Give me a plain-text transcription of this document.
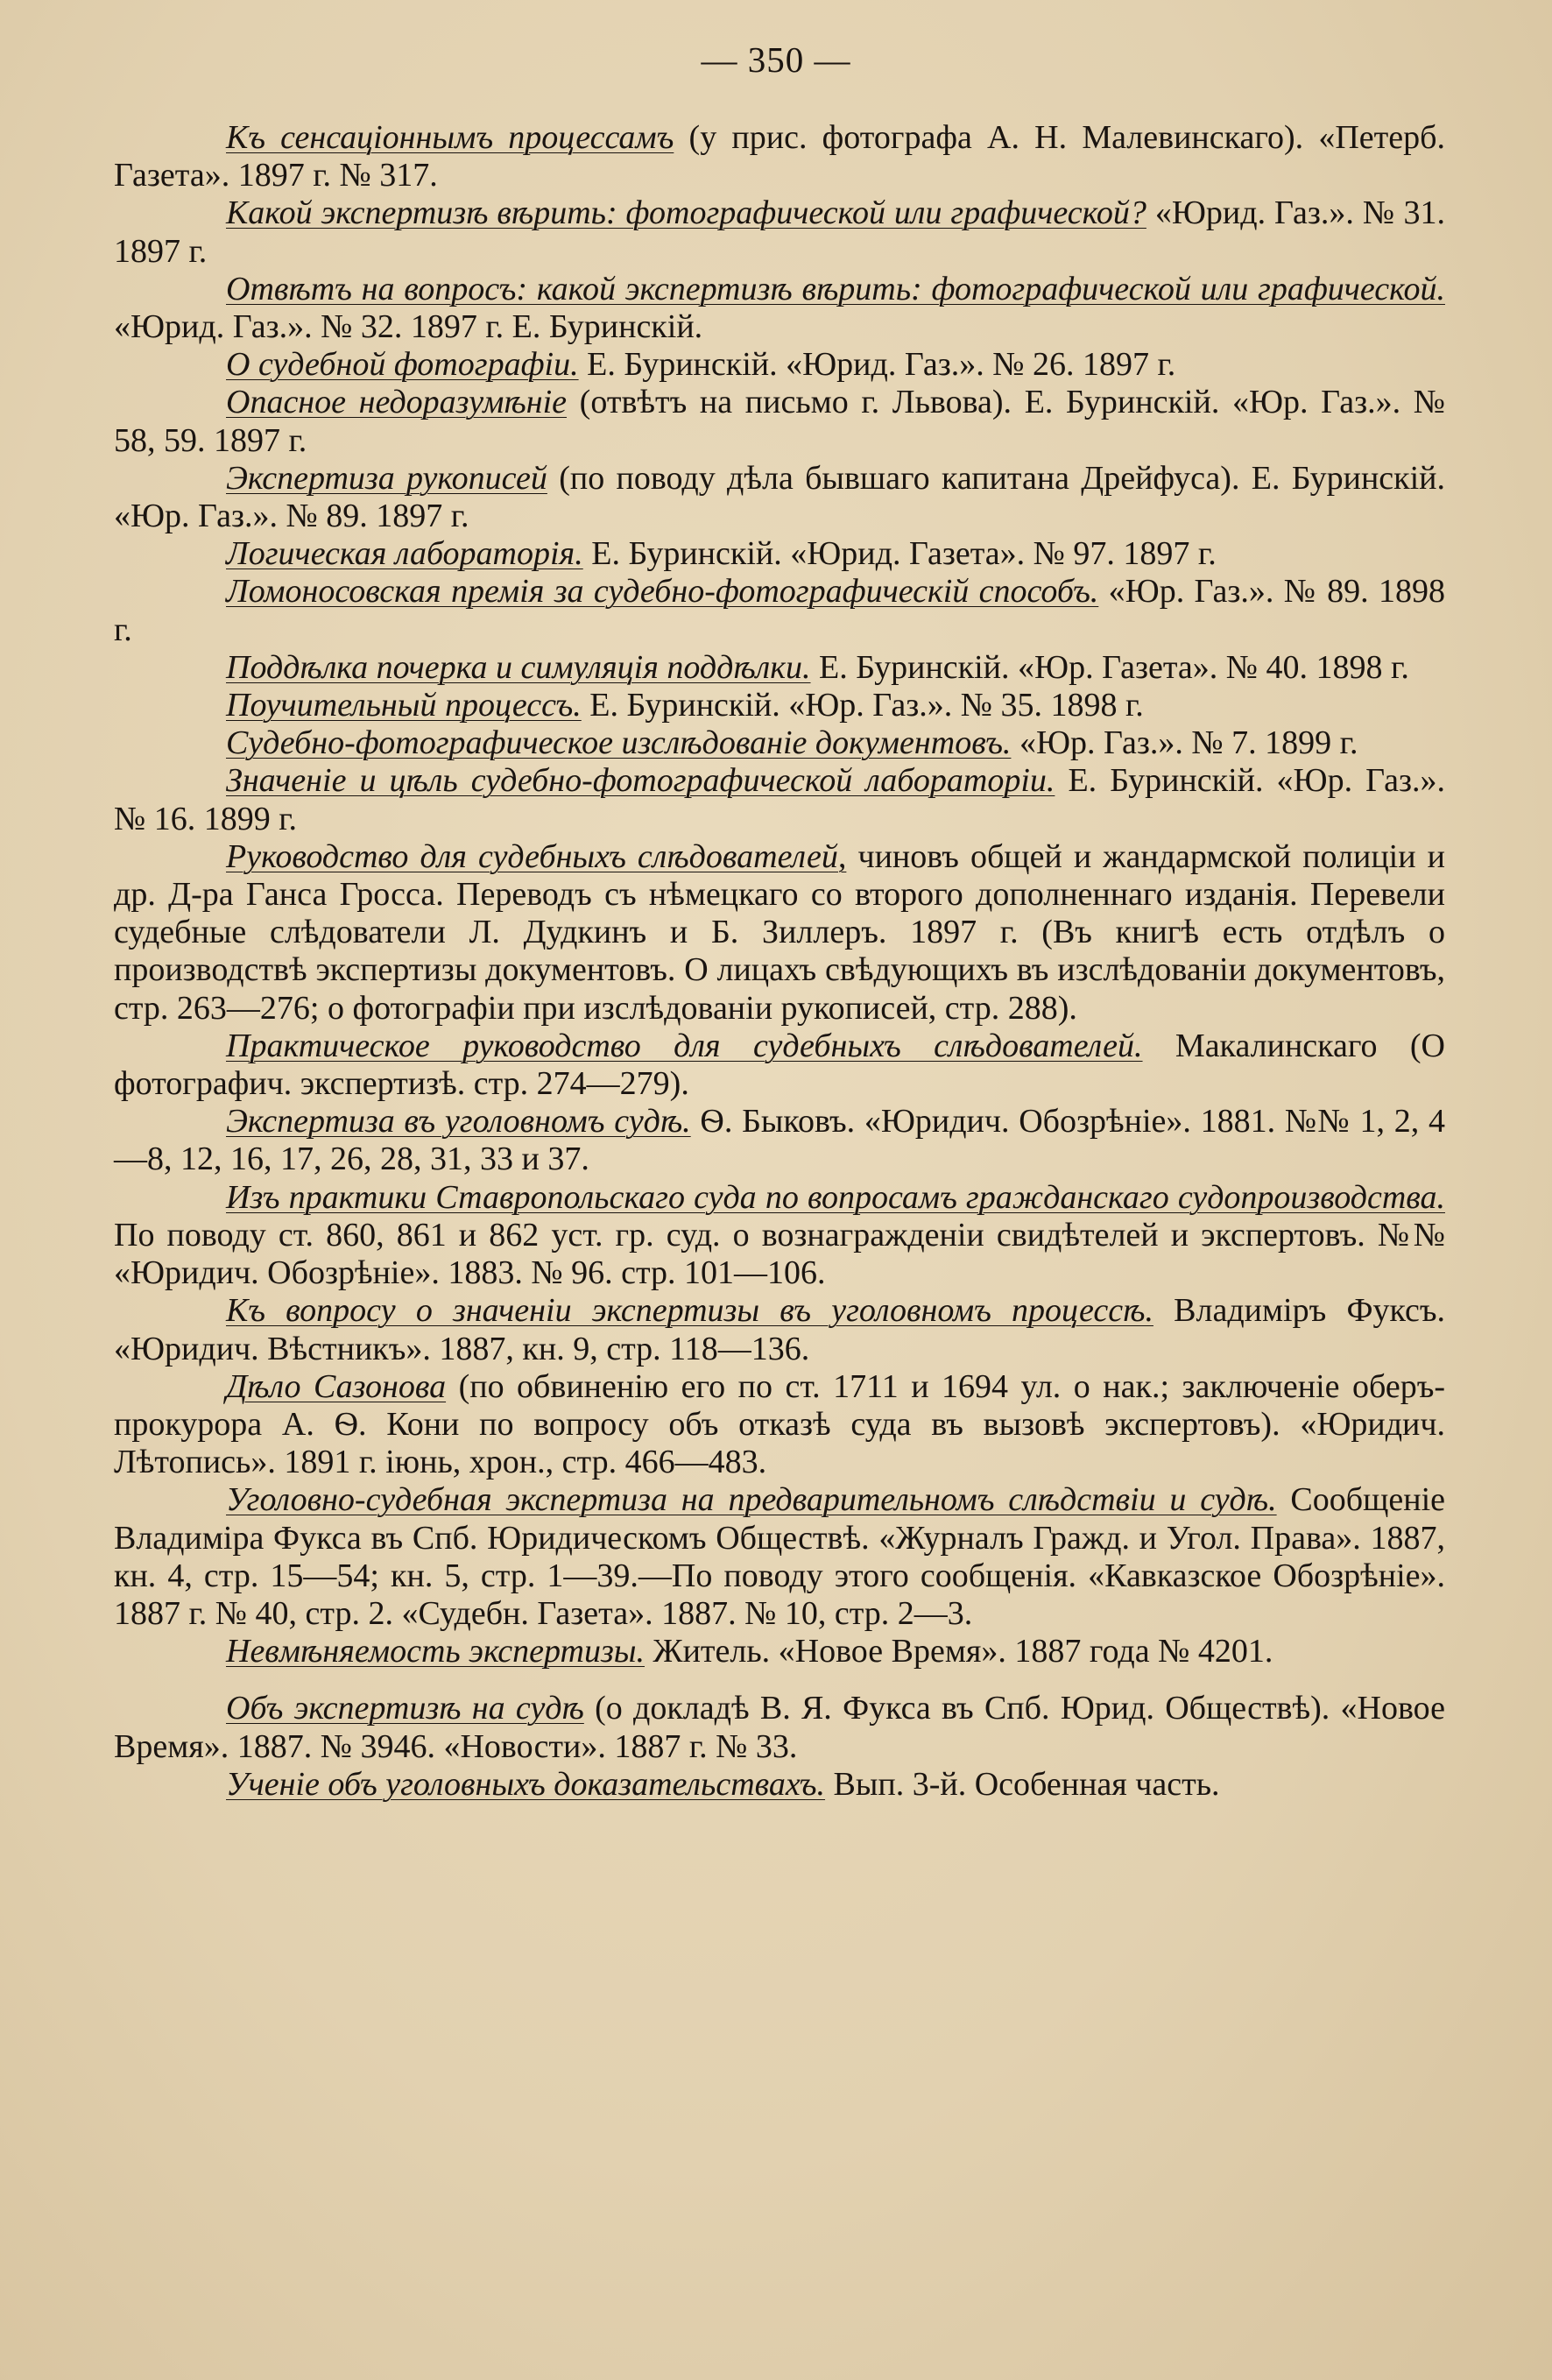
— 350 —

Къ сенсаціоннымъ процессамъ (у прис. фотографа А. Н. Малевинскаго). «Петерб. Газета». 1897 г. № 317.

Какой экспертизѣ вѣрить: фотографической или графической? «Юрид. Газ.». № 31. 1897 г.

Отвѣтъ на вопросъ: какой экспертизѣ вѣрить: фотографической или графической. «Юрид. Газ.». № 32. 1897 г. Е. Буринскій.

О судебной фотографіи. Е. Буринскій. «Юрид. Газ.». № 26. 1897 г.

Опасное недоразумѣніе (отвѣтъ на письмо г. Львова). Е. Буринскій. «Юр. Газ.». № 58, 59. 1897 г.

Экспертиза рукописей (по поводу дѣла бывшаго капитана Дрейфуса). Е. Буринскій. «Юр. Газ.». № 89. 1897 г.

Логическая лабораторія. Е. Буринскій. «Юрид. Газета». № 97. 1897 г.

Ломоносовская премія за судебно-фотографическій способъ. «Юр. Газ.». № 89. 1898 г.

Поддѣлка почерка и симуляція поддѣлки. Е. Буринскій. «Юр. Газета». № 40. 1898 г.

Поучительный процессъ. Е. Буринскій. «Юр. Газ.». № 35. 1898 г.

Судебно-фотографическое изслѣдованіе документовъ. «Юр. Газ.». № 7. 1899 г.

Значеніе и цѣль судебно-фотографической лабораторіи. Е. Буринскій. «Юр. Газ.». № 16. 1899 г.

Руководство для судебныхъ слѣдователей, чиновъ общей и жандармской полиціи и др. Д-ра Ганса Гросса. Переводъ съ нѣмецкаго со второго дополненнаго изданія. Перевели судебные слѣдователи Л. Дудкинъ и Б. Зиллеръ. 1897 г. (Въ книгѣ есть отдѣлъ о производствѣ экспертизы документовъ. О лицахъ свѣдующихъ въ изслѣдованіи документовъ, стр. 263—276; о фотографіи при изслѣдованіи рукописей, стр. 288).

Практическое руководство для судебныхъ слѣдователей. Макалинскаго (О фотографич. экспертизѣ. стр. 274—279).

Экспертиза въ уголовномъ судѣ. Ѳ. Быковъ. «Юридич. Обозрѣніе». 1881. №№ 1, 2, 4—8, 12, 16, 17, 26, 28, 31, 33 и 37.

Изъ практики Ставропольскаго суда по вопросамъ гражданскаго судопроизводства. По поводу ст. 860, 861 и 862 уст. гр. суд. о вознагражденіи свидѣтелей и экспертовъ. №№ «Юридич. Обозрѣніе». 1883. № 96. стр. 101—106.

Къ вопросу о значеніи экспертизы въ уголовномъ процессѣ. Владиміръ Фуксъ. «Юридич. Вѣстникъ». 1887, кн. 9, стр. 118—136.

Дѣло Сазонова (по обвиненію его по ст. 1711 и 1694 ул. о нак.; заключеніе оберъ-прокурора А. Ѳ. Кони по вопросу объ отказѣ суда въ вызовѣ экспертовъ). «Юридич. Лѣтопись». 1891 г. іюнь, хрон., стр. 466—483.

Уголовно-судебная экспертиза на предварительномъ слѣдствіи и судѣ. Сообщеніе Владиміра Фукса въ Спб. Юридическомъ Обществѣ. «Журналъ Гражд. и Угол. Права». 1887, кн. 4, стр. 15—54; кн. 5, стр. 1—39.—По поводу этого сообщенія. «Кавказское Обозрѣніе». 1887 г. № 40, стр. 2. «Судебн. Газета». 1887. № 10, стр. 2—3.

Невмѣняемость экспертизы. Житель. «Новое Время». 1887 года № 4201.

Объ экспертизѣ на судѣ (о докладѣ В. Я. Фукса въ Спб. Юрид. Обществѣ). «Новое Время». 1887. № 3946. «Новости». 1887 г. № 33.

Ученіе объ уголовныхъ доказательствахъ. Вып. 3-й. Особенная часть.
